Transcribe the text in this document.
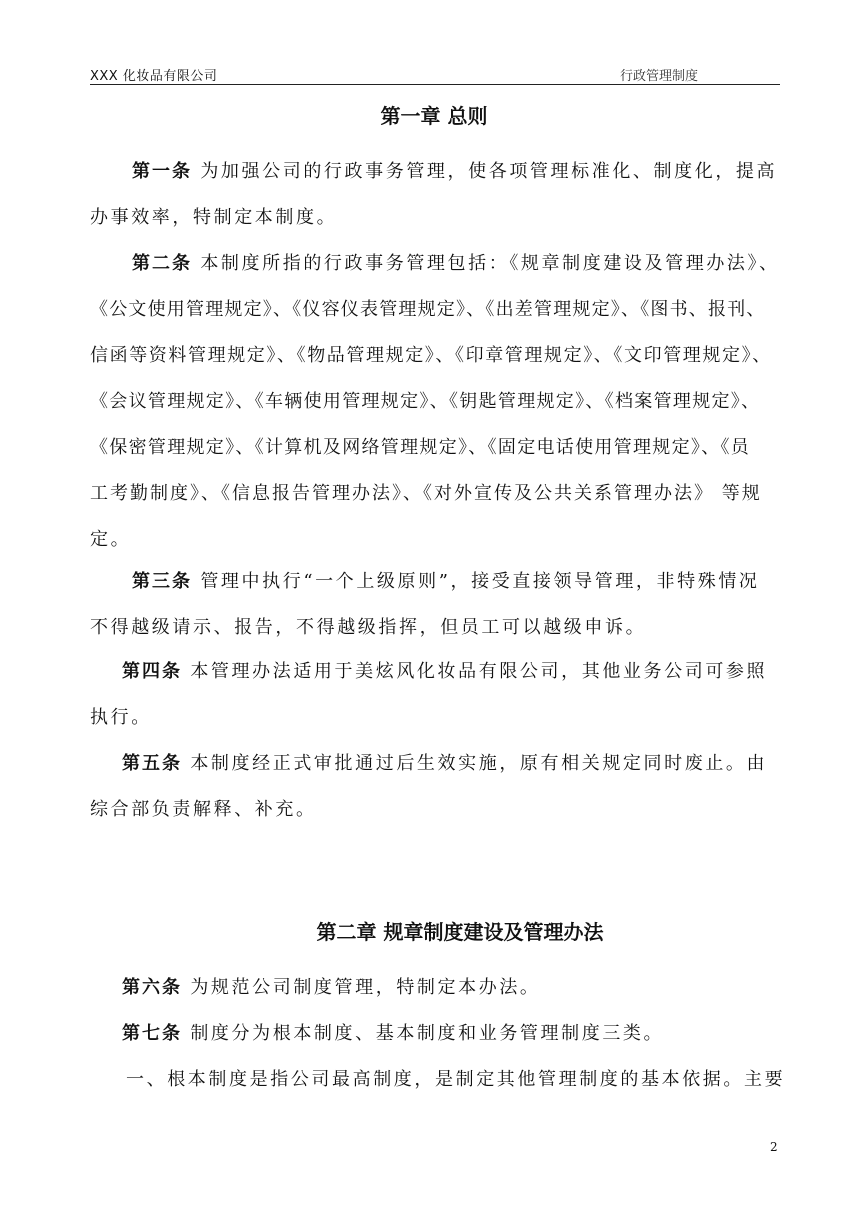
XXX 化妆品有限公司	行政管理制度
第一章 总则
第一条 为加强公司的行政事务管理，使各项管理标准化、制度化，提高
办事效率，特制定本制度。
第二条 本制度所指的行政事务管理包括：《规章制度建设及管理办法》、
《公文使用管理规定》、《仪容仪表管理规定》、《出差管理规定》、《图书、报刊、
信函等资料管理规定》、《物品管理规定》、《印章管理规定》、《文印管理规定》、
《会议管理规定》、《车辆使用管理规定》、《钥匙管理规定》、《档案管理规定》、
《保密管理规定》、《计算机及网络管理规定》、《固定电话使用管理规定》、《员
工考勤制度》、《信息报告管理办法》、《对外宣传及公共关系管理办法》 等规
定。
第三条 管理中执行“一个上级原则”，接受直接领导管理，非特殊情况
不得越级请示、报告，不得越级指挥，但员工可以越级申诉。
第四条 本管理办法适用于美炫风化妆品有限公司，其他业务公司可参照
执行。
第五条 本制度经正式审批通过后生效实施，原有相关规定同时废止。由
综合部负责解释、补充。
第二章 规章制度建设及管理办法
第六条 为规范公司制度管理，特制定本办法。
第七条 制度分为根本制度、基本制度和业务管理制度三类。
一、根本制度是指公司最高制度，是制定其他管理制度的基本依据。主要
2
